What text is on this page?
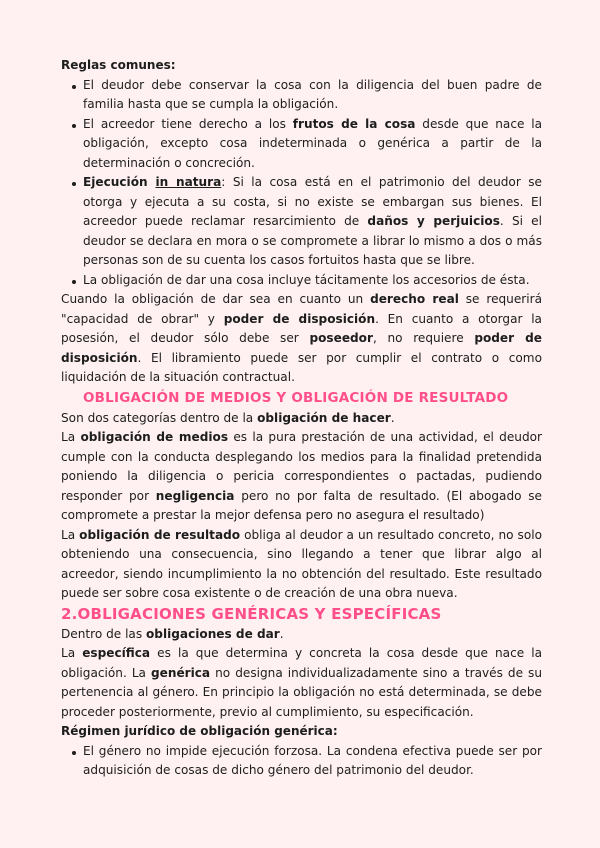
Reglas comunes:

El deudor debe conservar la cosa con la diligencia del buen padre de familia hasta que se cumpla la obligación.
El acreedor tiene derecho a los frutos de la cosa desde que nace la obligación, excepto cosa indeterminada o genérica a partir de la determinación o concreción.
Ejecución in natura: Si la cosa está en el patrimonio del deudor se otorga y ejecuta a su costa, si no existe se embargan sus bienes. El acreedor puede reclamar resarcimiento de daños y perjuicios. Si el deudor se declara en mora o se compromete a librar lo mismo a dos o más personas son de su cuenta los casos fortuitos hasta que se libre.
La obligación de dar una cosa incluye tácitamente los accesorios de ésta.

Cuando la obligación de dar sea en cuanto un derecho real se requerirá "capacidad de obrar" y poder de disposición. En cuanto a otorgar la posesión, el deudor sólo debe ser poseedor, no requiere poder de disposición. El libramiento puede ser por cumplir el contrato o como liquidación de la situación contractual.

OBLIGACIÓN DE MEDIOS Y OBLIGACIÓN DE RESULTADO

Son dos categorías dentro de la obligación de hacer.

La obligación de medios es la pura prestación de una actividad, el deudor cumple con la conducta desplegando los medios para la finalidad pretendida poniendo la diligencia o pericia correspondientes o pactadas, pudiendo responder por negligencia pero no por falta de resultado. (El abogado se compromete a prestar la mejor defensa pero no asegura el resultado)

La obligación de resultado obliga al deudor a un resultado concreto, no solo obteniendo una consecuencia, sino llegando a tener que librar algo al acreedor, siendo incumplimiento la no obtención del resultado. Este resultado puede ser sobre cosa existente o de creación de una obra nueva.

2.OBLIGACIONES GENÉRICAS Y ESPECÍFICAS

Dentro de las obligaciones de dar.

La específica es la que determina y concreta la cosa desde que nace la obligación. La genérica no designa individualizadamente sino a través de su pertenencia al género. En principio la obligación no está determinada, se debe proceder posteriormente, previo al cumplimiento, su especificación.

Régimen jurídico de obligación genérica:

El género no impide ejecución forzosa. La condena efectiva puede ser por adquisición de cosas de dicho género del patrimonio del deudor.
